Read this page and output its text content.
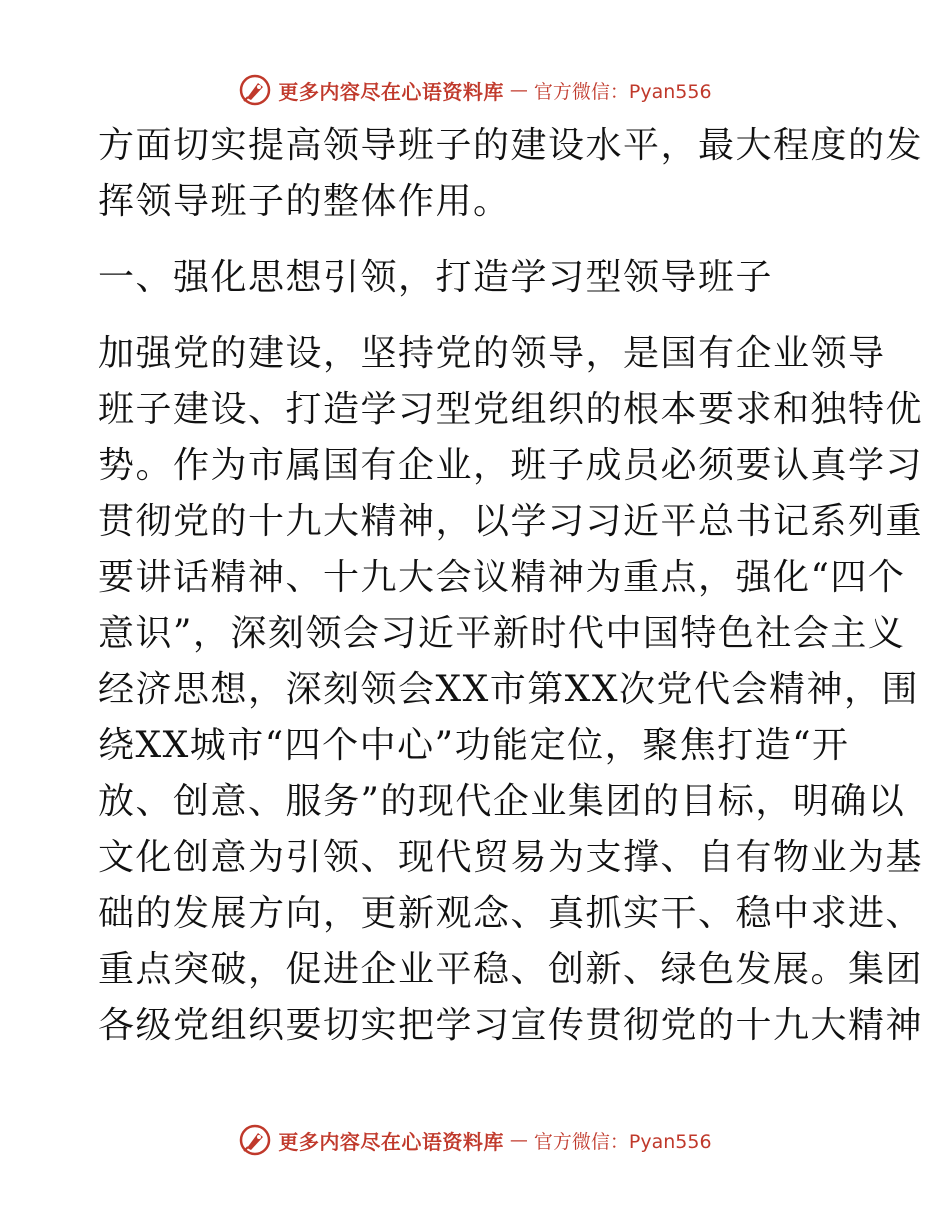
更多内容尽在心语资料库 — 官方微信：Pyan556
方面切实提高领导班子的建设水平，最大程度的发
挥领导班子的整体作用。
一、强化思想引领，打造学习型领导班子
加强党的建设，坚持党的领导，是国有企业领导
班子建设、打造学习型党组织的根本要求和独特优
势。作为市属国有企业，班子成员必须要认真学习
贯彻党的十九大精神，以学习习近平总书记系列重
要讲话精神、十九大会议精神为重点，强化“四个
意识”，深刻领会习近平新时代中国特色社会主义
经济思想，深刻领会XX市第XX次党代会精神，围
绕XX城市“四个中心”功能定位，聚焦打造“开
放、创意、服务”的现代企业集团的目标，明确以
文化创意为引领、现代贸易为支撑、自有物业为基
础的发展方向，更新观念、真抓实干、稳中求进、
重点突破，促进企业平稳、创新、绿色发展。集团
各级党组织要切实把学习宣传贯彻党的十九大精神
更多内容尽在心语资料库 — 官方微信：Pyan556
